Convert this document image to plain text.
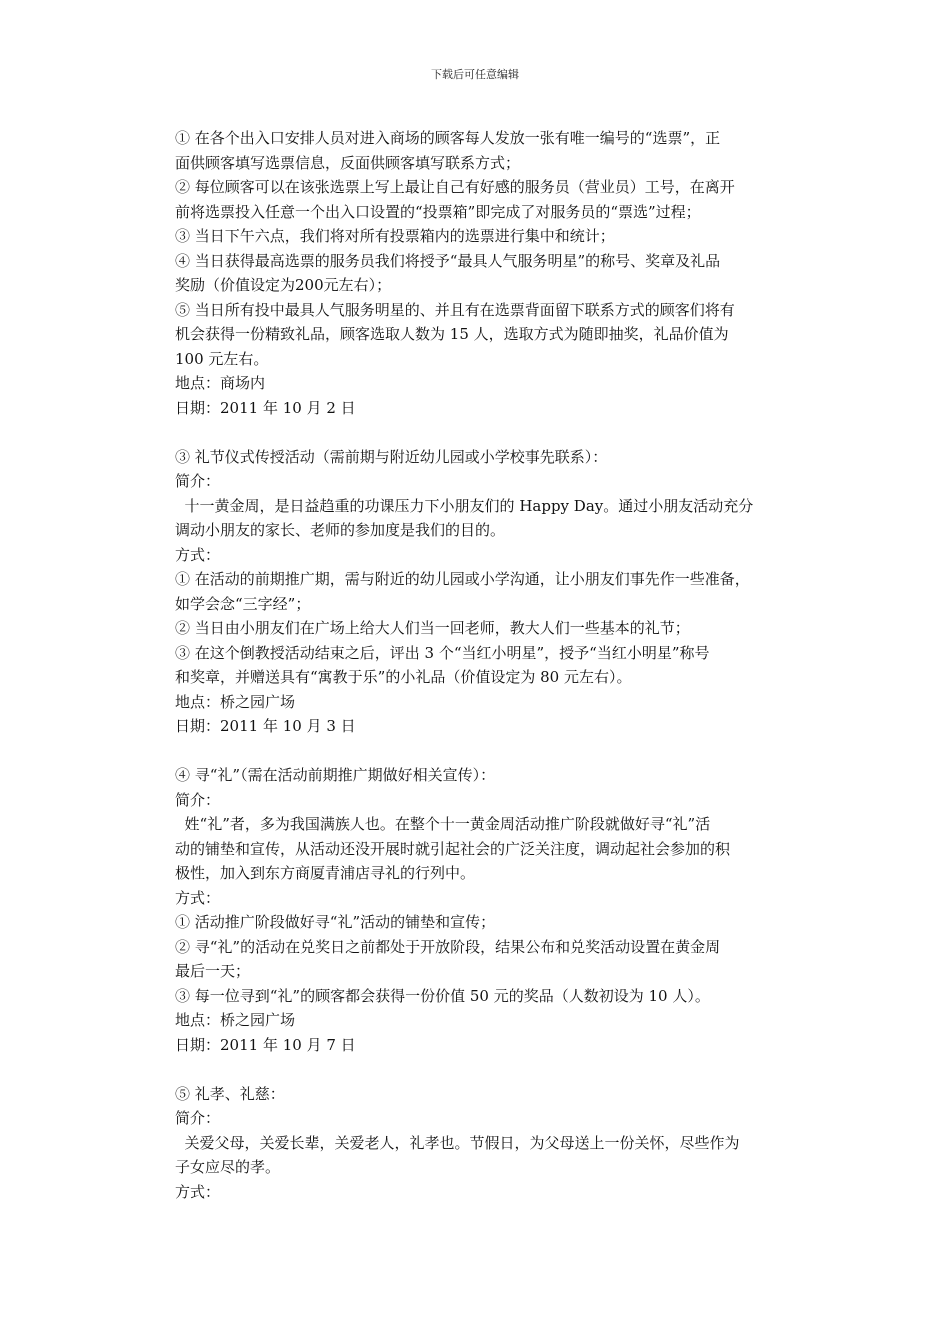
下载后可任意编辑

① 在各个出入口安排人员对进入商场的顾客每人发放一张有唯一编号的“选票”，正

面供顾客填写选票信息，反面供顾客填写联系方式；

② 每位顾客可以在该张选票上写上最让自己有好感的服务员（营业员）工号，在离开

前将选票投入任意一个出入口设置的“投票箱”即完成了对服务员的“票选”过程；

③ 当日下午六点，我们将对所有投票箱内的选票进行集中和统计；

④ 当日获得最高选票的服务员我们将授予“最具人气服务明星”的称号、奖章及礼品

奖励（价值设定为200元左右）；

⑤ 当日所有投中最具人气服务明星的、并且有在选票背面留下联系方式的顾客们将有

机会获得一份精致礼品，顾客选取人数为 15 人，选取方式为随即抽奖，礼品价值为

100 元左右。

地点：商场内

日期：2011 年 10 月 2 日

③ 礼节仪式传授活动（需前期与附近幼儿园或小学校事先联系）：

简介：

十一黄金周，是日益趋重的功课压力下小朋友们的 Happy Day。通过小朋友活动充分

调动小朋友的家长、老师的参加度是我们的目的。

方式：

① 在活动的前期推广期，需与附近的幼儿园或小学沟通，让小朋友们事先作一些准备，

如学会念“三字经”；

② 当日由小朋友们在广场上给大人们当一回老师，教大人们一些基本的礼节；

③ 在这个倒教授活动结束之后，评出 3 个“当红小明星”，授予“当红小明星”称号

和奖章，并赠送具有“寓教于乐”的小礼品（价值设定为 80 元左右）。

地点：桥之园广场

日期：2011 年 10 月 3 日

④ 寻“礼”（需在活动前期推广期做好相关宣传）：

简介：

姓“礼”者，多为我国满族人也。在整个十一黄金周活动推广阶段就做好寻“礼”活

动的铺垫和宣传，从活动还没开展时就引起社会的广泛关注度，调动起社会参加的积

极性，加入到东方商厦青浦店寻礼的行列中。

方式：

① 活动推广阶段做好寻“礼”活动的铺垫和宣传；

② 寻“礼”的活动在兑奖日之前都处于开放阶段，结果公布和兑奖活动设置在黄金周

最后一天；

③ 每一位寻到“礼”的顾客都会获得一份价值 50 元的奖品（人数初设为 10 人）。

地点：桥之园广场

日期：2011 年 10 月 7 日

⑤ 礼孝、礼慈：

简介：

关爱父母，关爱长辈，关爱老人，礼孝也。节假日，为父母送上一份关怀，尽些作为

子女应尽的孝。

方式：
